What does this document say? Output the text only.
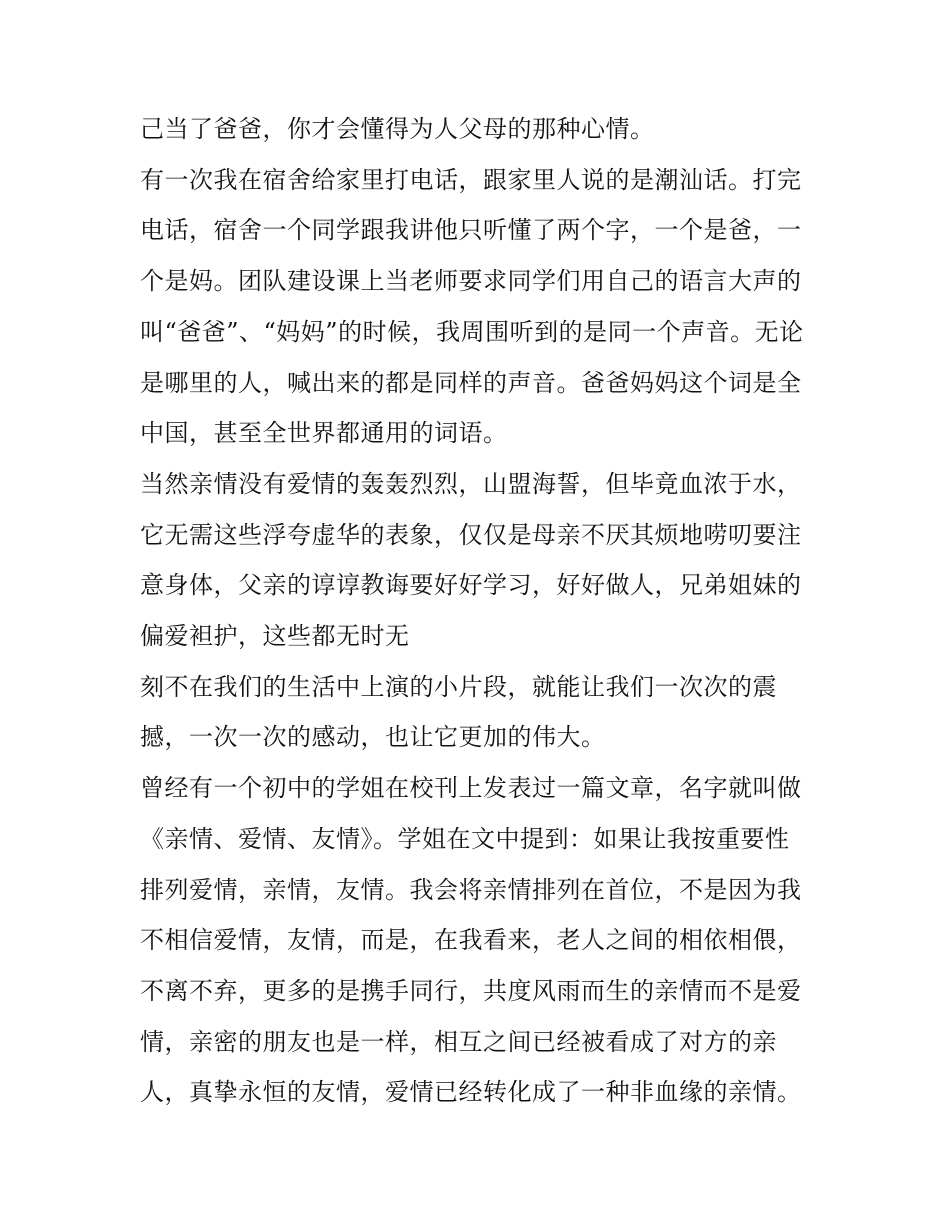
己当了爸爸，你才会懂得为人父母的那种心情。

有一次我在宿舍给家里打电话，跟家里人说的是潮汕话。打完

电话，宿舍一个同学跟我讲他只听懂了两个字，一个是爸，一

个是妈。团队建设课上当老师要求同学们用自己的语言大声的

叫“爸爸”、“妈妈”的时候，我周围听到的是同一个声音。无论

是哪里的人，喊出来的都是同样的声音。爸爸妈妈这个词是全

中国，甚至全世界都通用的词语。

当然亲情没有爱情的轰轰烈烈，山盟海誓，但毕竟血浓于水，

它无需这些浮夸虚华的表象，仅仅是母亲不厌其烦地唠叨要注

意身体，父亲的谆谆教诲要好好学习，好好做人，兄弟姐妹的

偏爱袒护，这些都无时无

刻不在我们的生活中上演的小片段，就能让我们一次次的震

撼，一次一次的感动，也让它更加的伟大。

曾经有一个初中的学姐在校刊上发表过一篇文章，名字就叫做

《亲情、爱情、友情》。学姐在文中提到：如果让我按重要性

排列爱情，亲情，友情。我会将亲情排列在首位，不是因为我

不相信爱情，友情，而是，在我看来，老人之间的相依相偎，

不离不弃，更多的是携手同行，共度风雨而生的亲情而不是爱

情，亲密的朋友也是一样，相互之间已经被看成了对方的亲

人，真挚永恒的友情，爱情已经转化成了一种非血缘的亲情。
